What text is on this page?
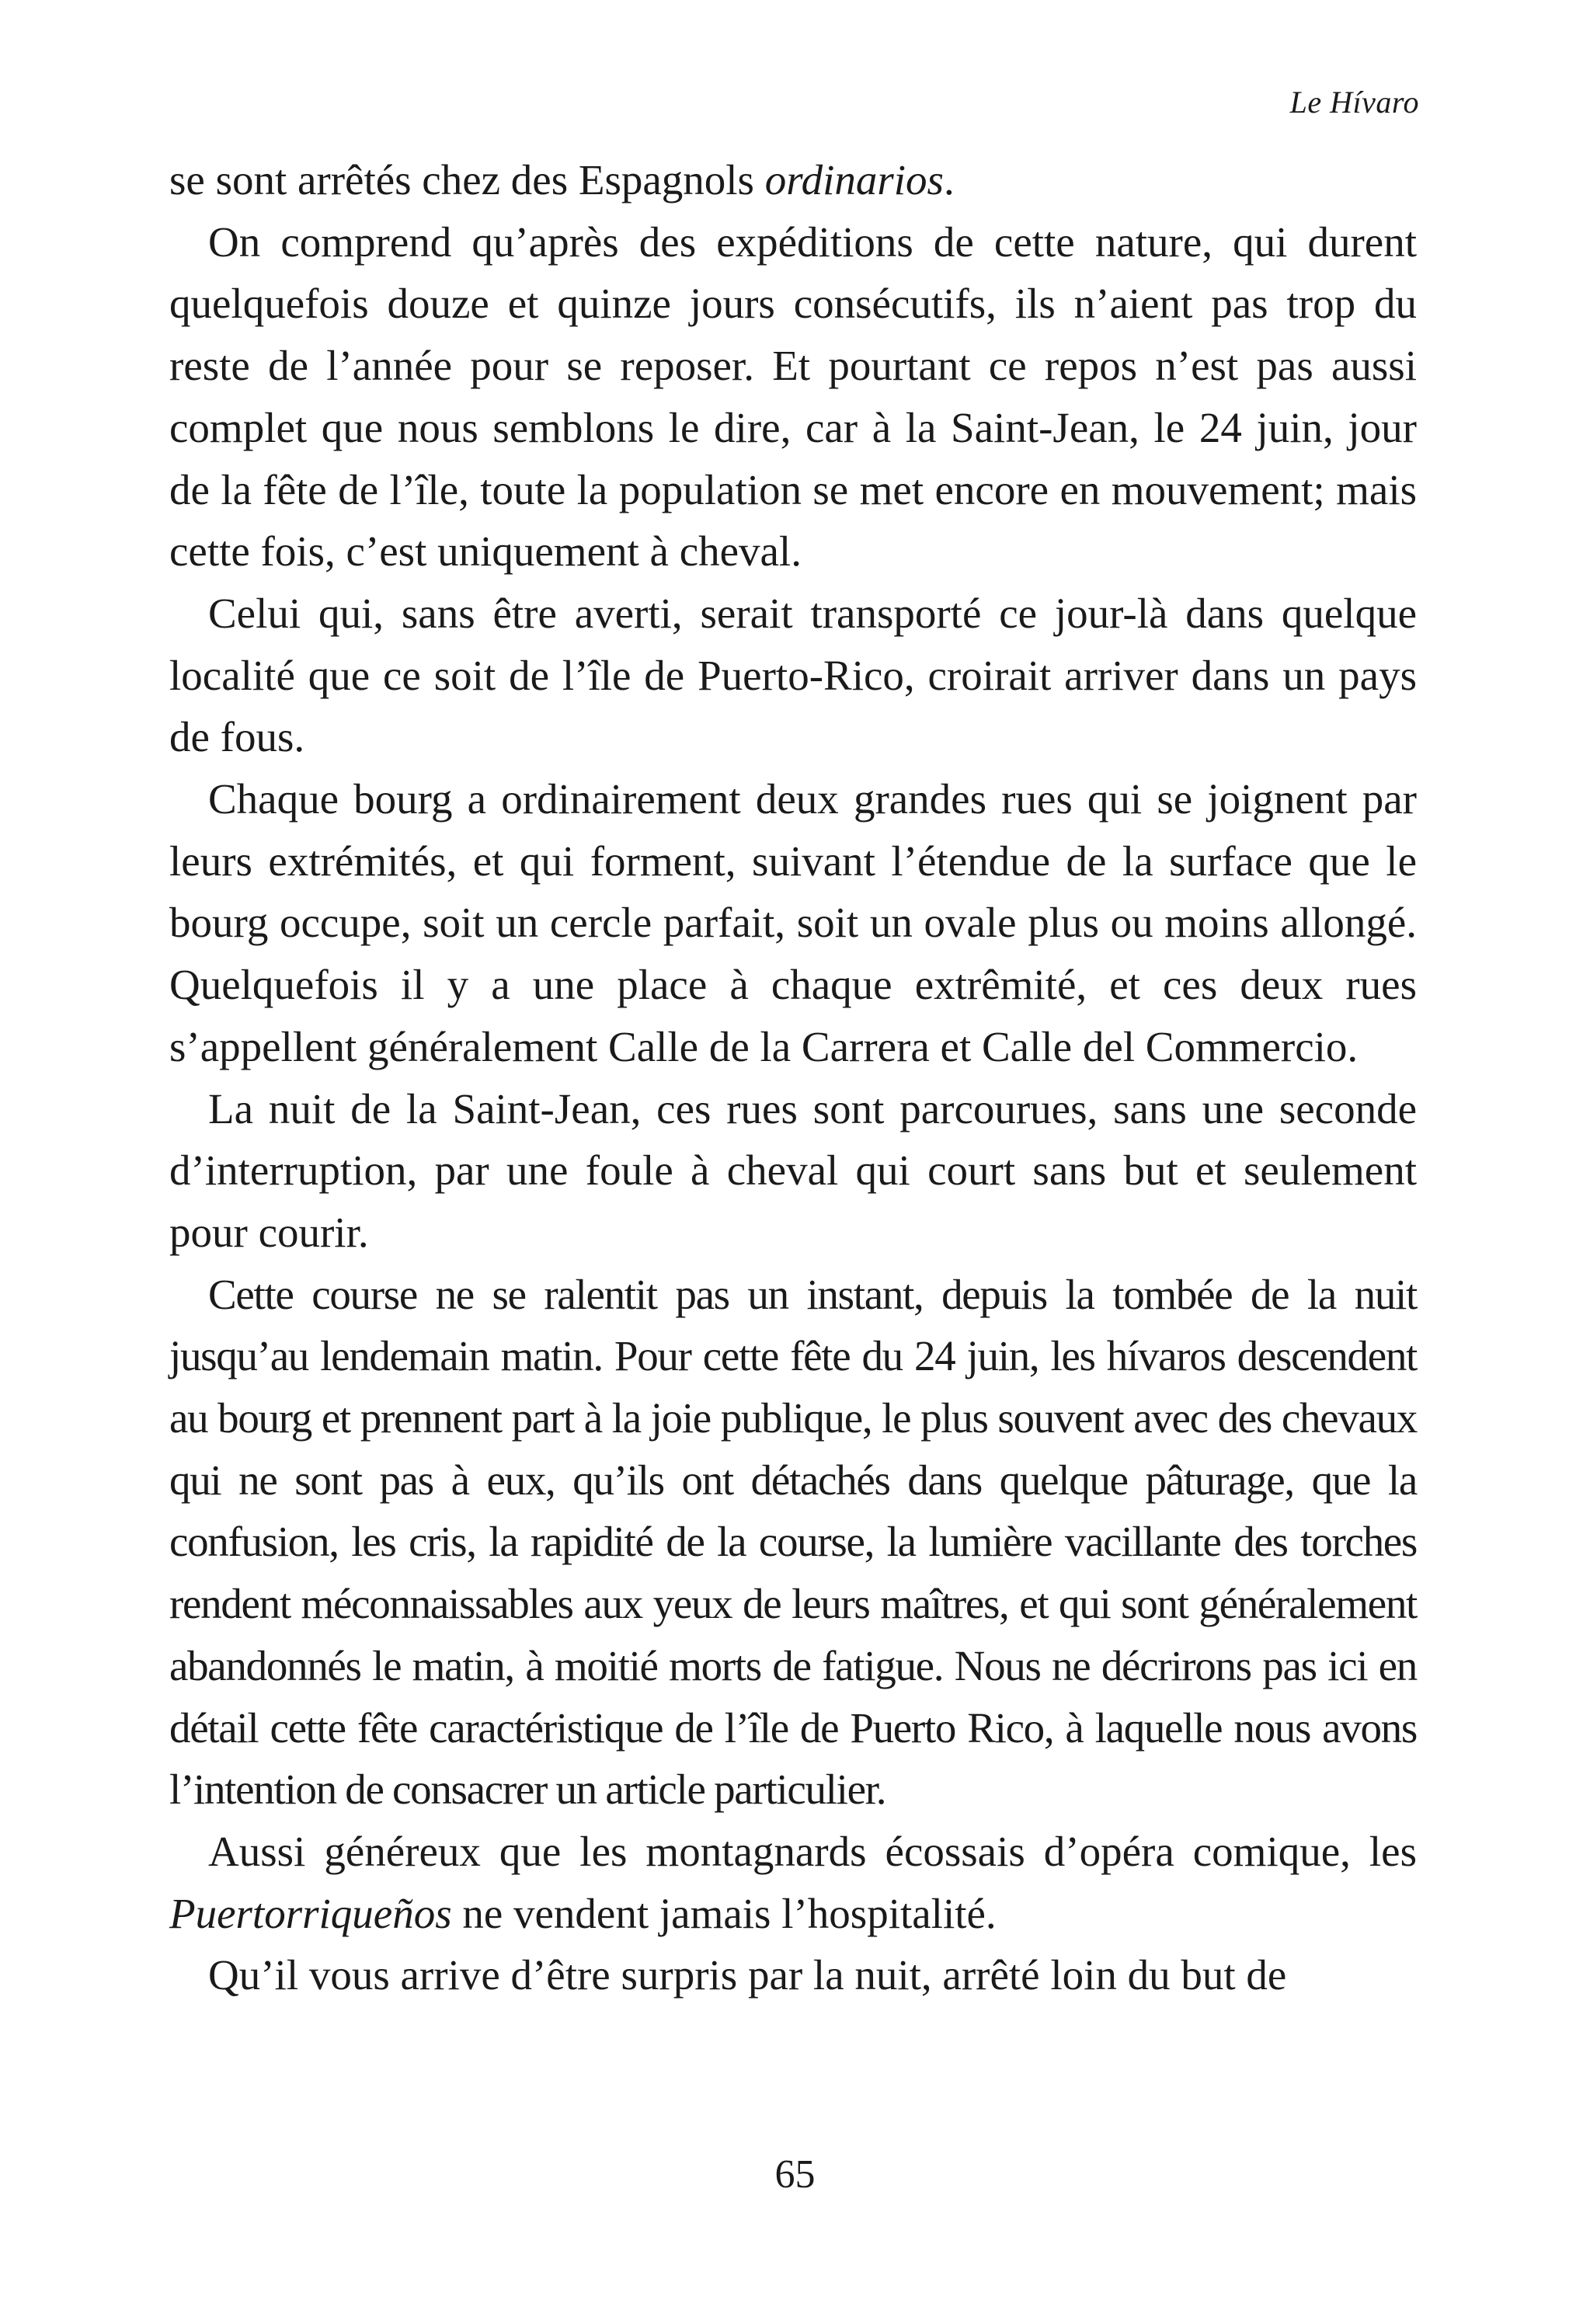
Le Hívaro

se sont arrêtés chez des Espagnols ordinarios.

On comprend qu’après des expéditions de cette nature, qui durent quelquefois douze et quinze jours consécutifs, ils n’aient pas trop du reste de l’année pour se reposer. Et pourtant ce repos n’est pas aussi complet que nous semblons le dire, car à la Saint-Jean, le 24 juin, jour de la fête de l’île, toute la population se met encore en mouvement; mais cette fois, c’est uniquement à cheval.

Celui qui, sans être averti, serait transporté ce jour-là dans quelque localité que ce soit de l’île de Puerto-Rico, croirait arriver dans un pays de fous.

Chaque bourg a ordinairement deux grandes rues qui se joignent par leurs extrémités, et qui forment, suivant l’étendue de la surface que le bourg occupe, soit un cercle parfait, soit un ovale plus ou moins allongé. Quelquefois il y a une place à chaque extrêmité, et ces deux rues s’appellent généralement Calle de la Carrera et Calle del Commercio.

La nuit de la Saint-Jean, ces rues sont parcourues, sans une seconde d’interruption, par une foule à cheval qui court sans but et seulement pour courir.

Cette course ne se ralentit pas un instant, depuis la tombée de la nuit jusqu’au lendemain matin. Pour cette fête du 24 juin, les hívaros descendent au bourg et prennent part à la joie publique, le plus souvent avec des chevaux qui ne sont pas à eux, qu’ils ont détachés dans quelque pâturage, que la confusion, les cris, la rapidité de la course, la lumière vacillante des torches rendent méconnaissables aux yeux de leurs maîtres, et qui sont généralement abandonnés le matin, à moitié morts de fatigue. Nous ne décrirons pas ici en détail cette fête caractéristique de l’île de Puerto Rico, à laquelle nous avons l’intention de consacrer un article particulier.

Aussi généreux que les montagnards écossais d’opéra comique, les Puertorriqueños ne vendent jamais l’hospitalité.

Qu’il vous arrive d’être surpris par la nuit, arrêté loin du but de

65
